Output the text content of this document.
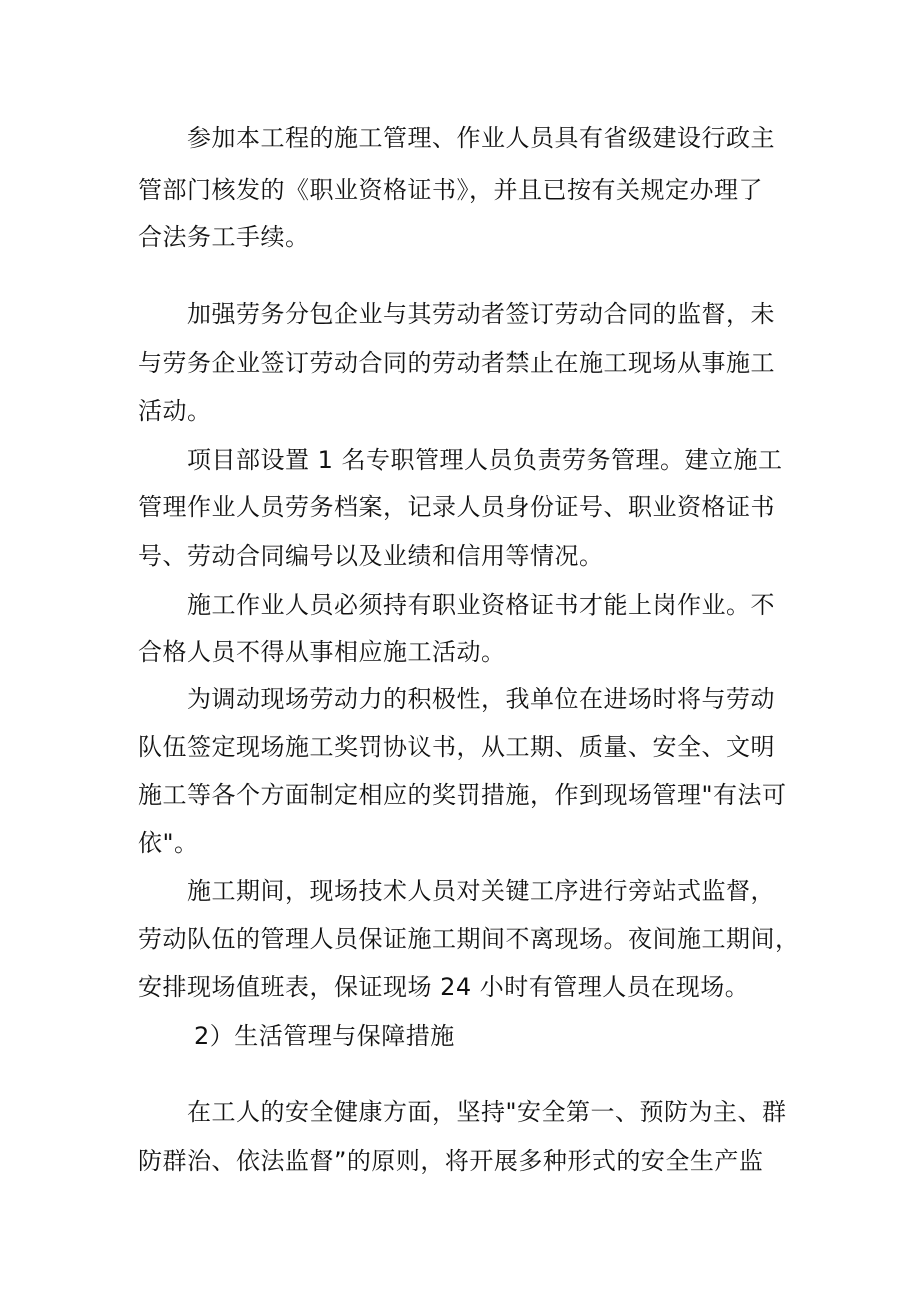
参加本工程的施工管理、作业人员具有省级建设行政主
管部门核发的《职业资格证书》，并且已按有关规定办理了
合法务工手续。
加强劳务分包企业与其劳动者签订劳动合同的监督，未
与劳务企业签订劳动合同的劳动者禁止在施工现场从事施工
活动。
项目部设置 1 名专职管理人员负责劳务管理。建立施工
管理作业人员劳务档案，记录人员身份证号、职业资格证书
号、劳动合同编号以及业绩和信用等情况。
施工作业人员必须持有职业资格证书才能上岗作业。不
合格人员不得从事相应施工活动。
为调动现场劳动力的积极性，我单位在进场时将与劳动
队伍签定现场施工奖罚协议书，从工期、质量、安全、文明
施工等各个方面制定相应的奖罚措施，作到现场管理"有法可
依"。
施工期间，现场技术人员对关键工序进行旁站式监督，
劳动队伍的管理人员保证施工期间不离现场。夜间施工期间，
安排现场值班表，保证现场 24 小时有管理人员在现场。
2）生活管理与保障措施
在工人的安全健康方面，坚持"安全第一、预防为主、群
防群治、依法监督”的原则，将开展多种形式的安全生产监
